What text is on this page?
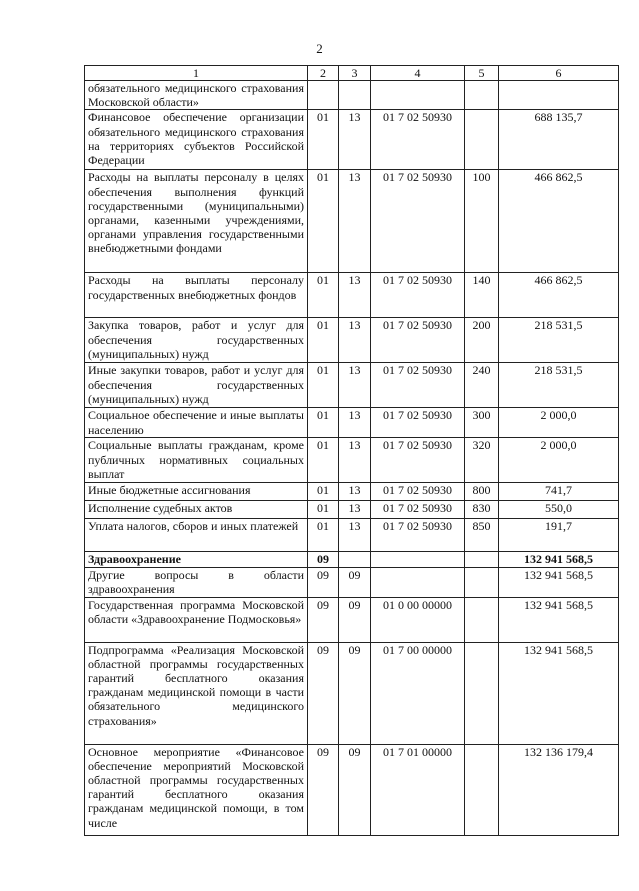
2
1	2	3	4	5	6
обязательного медицинского страхования Московской области»					
Финансовое обеспечение организации обязательного медицинского страхования на территориях субъектов Российской Федерации	01	13	01 7 02 50930		688 135,7
Расходы на выплаты персоналу в целях обеспечения выполнения функций государственными (муниципальными) органами, казенными учреждениями, органами управления государственными внебюджетными фондами	01	13	01 7 02 50930	100	466 862,5
Расходы на выплаты персоналу государственных внебюджетных фондов	01	13	01 7 02 50930	140	466 862,5
Закупка товаров, работ и услуг для обеспечения государственных (муниципальных) нужд	01	13	01 7 02 50930	200	218 531,5
Иные закупки товаров, работ и услуг для обеспечения государственных (муниципальных) нужд	01	13	01 7 02 50930	240	218 531,5
Социальное обеспечение и иные выплаты населению	01	13	01 7 02 50930	300	2 000,0
Социальные выплаты гражданам, кроме публичных нормативных социальных выплат	01	13	01 7 02 50930	320	2 000,0
Иные бюджетные ассигнования	01	13	01 7 02 50930	800	741,7
Исполнение судебных актов	01	13	01 7 02 50930	830	550,0
Уплата налогов, сборов и иных платежей	01	13	01 7 02 50930	850	191,7
Здравоохранение	09				132 941 568,5
Другие вопросы в области здравоохранения	09	09			132 941 568,5
Государственная программа Московской области «Здравоохранение Подмосковья»	09	09	01 0 00 00000		132 941 568,5
Подпрограмма «Реализация Московской областной программы государственных гарантий бесплатного оказания гражданам медицинской помощи в части обязательного медицинского страхования»	09	09	01 7 00 00000		132 941 568,5
Основное мероприятие «Финансовое обеспечение мероприятий Московской областной программы государственных гарантий бесплатного оказания гражданам медицинской помощи, в том числе	09	09	01 7 01 00000		132 136 179,4
